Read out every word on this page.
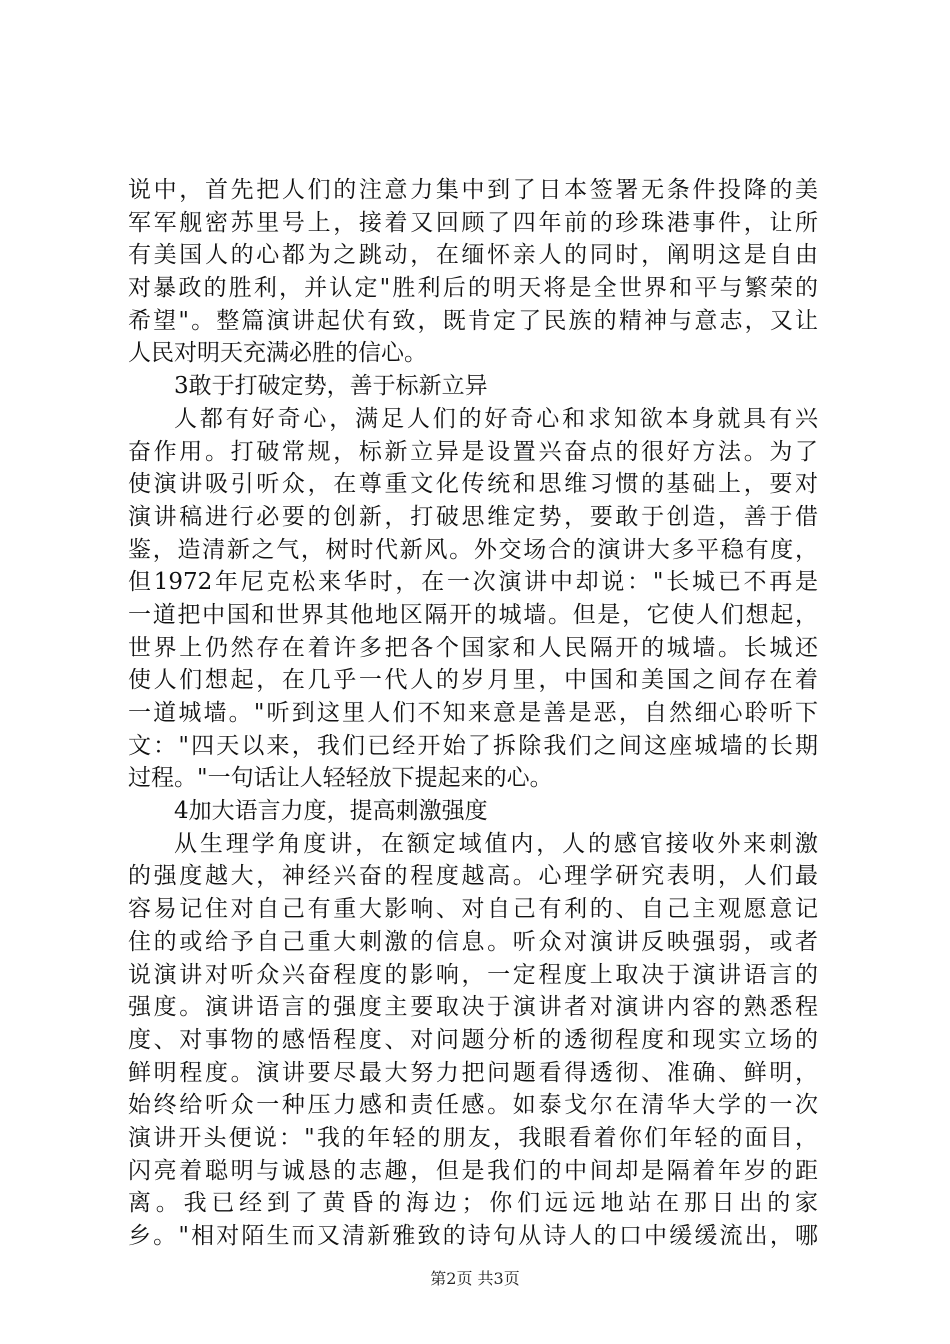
说中，首先把人们的注意力集中到了日本签署无条件投降的美
军军舰密苏里号上，接着又回顾了四年前的珍珠港事件，让所
有美国人的心都为之跳动，在缅怀亲人的同时，阐明这是自由
对暴政的胜利，并认定"胜利后的明天将是全世界和平与繁荣的
希望"。整篇演讲起伏有致，既肯定了民族的精神与意志，又让
人民对明天充满必胜的信心。
3敢于打破定势，善于标新立异
人都有好奇心，满足人们的好奇心和求知欲本身就具有兴
奋作用。打破常规，标新立异是设置兴奋点的很好方法。为了
使演讲吸引听众，在尊重文化传统和思维习惯的基础上，要对
演讲稿进行必要的创新，打破思维定势，要敢于创造，善于借
鉴，造清新之气，树时代新风。外交场合的演讲大多平稳有度，
但1972年尼克松来华时，在一次演讲中却说："长城已不再是
一道把中国和世界其他地区隔开的城墙。但是，它使人们想起，
世界上仍然存在着许多把各个国家和人民隔开的城墙。长城还
使人们想起，在几乎一代人的岁月里，中国和美国之间存在着
一道城墙。"听到这里人们不知来意是善是恶，自然细心聆听下
文："四天以来，我们已经开始了拆除我们之间这座城墙的长期
过程。"一句话让人轻轻放下提起来的心。
4加大语言力度，提高刺激强度
从生理学角度讲，在额定域值内，人的感官接收外来刺激
的强度越大，神经兴奋的程度越高。心理学研究表明，人们最
容易记住对自己有重大影响、对自己有利的、自己主观愿意记
住的或给予自己重大刺激的信息。听众对演讲反映强弱，或者
说演讲对听众兴奋程度的影响，一定程度上取决于演讲语言的
强度。演讲语言的强度主要取决于演讲者对演讲内容的熟悉程
度、对事物的感悟程度、对问题分析的透彻程度和现实立场的
鲜明程度。演讲要尽最大努力把问题看得透彻、准确、鲜明，
始终给听众一种压力感和责任感。如泰戈尔在清华大学的一次
演讲开头便说："我的年轻的朋友，我眼看着你们年轻的面目，
闪亮着聪明与诚恳的志趣，但是我们的中间却是隔着年岁的距
离。我已经到了黄昏的海边；你们远远地站在那日出的家
乡。"相对陌生而又清新雅致的诗句从诗人的口中缓缓流出，哪
第2页 共3页
